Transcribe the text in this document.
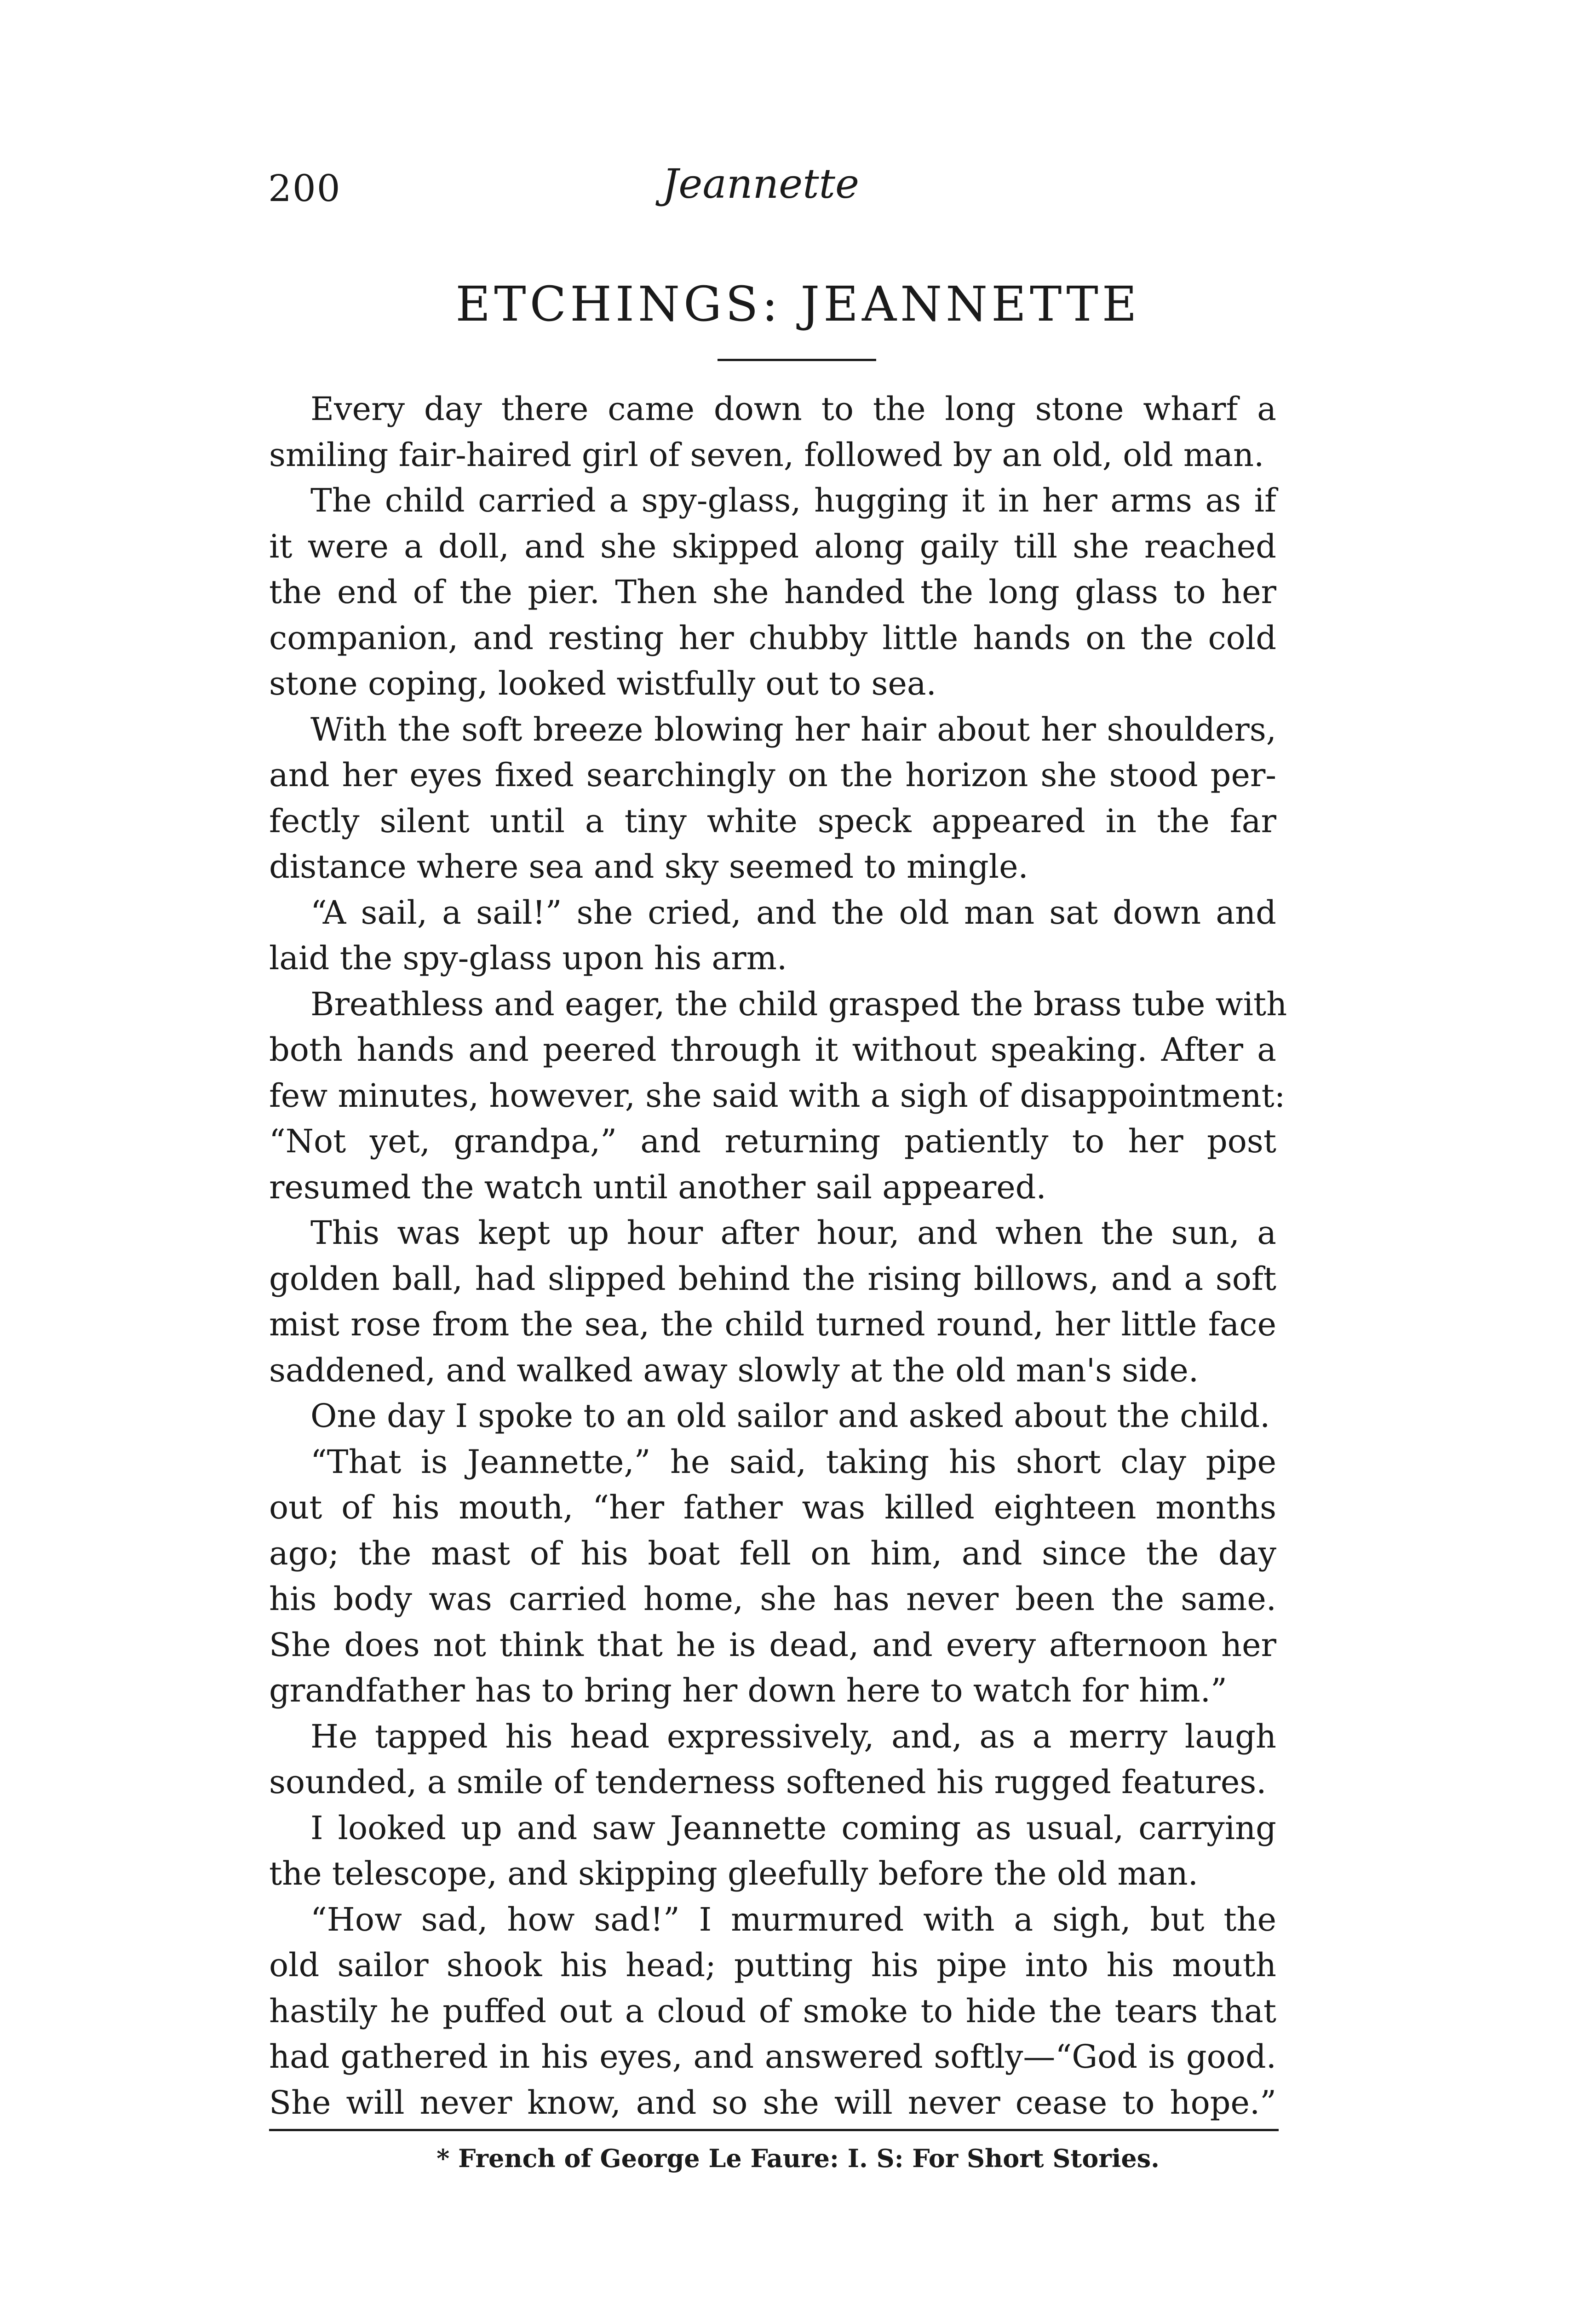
200	Jeannette
ETCHINGS: JEANNETTE
Every day there came down to the long stone wharf a
smiling fair-haired girl of seven, followed by an old, old man.
The child carried a spy-glass, hugging it in her arms as if
it were a doll, and she skipped along gaily till she reached
the end of the pier. Then she handed the long glass to her
companion, and resting her chubby little hands on the cold
stone coping, looked wistfully out to sea.
With the soft breeze blowing her hair about her shoulders,
and her eyes fixed searchingly on the horizon she stood per-
fectly silent until a tiny white speck appeared in the far
distance where sea and sky seemed to mingle.
“A sail, a sail!” she cried, and the old man sat down and
laid the spy-glass upon his arm.
Breathless and eager, the child grasped the brass tube with
both hands and peered through it without speaking. After a
few minutes, however, she said with a sigh of disappointment:
“Not yet, grandpa,” and returning patiently to her post
resumed the watch until another sail appeared.
This was kept up hour after hour, and when the sun, a
golden ball, had slipped behind the rising billows, and a soft
mist rose from the sea, the child turned round, her little face
saddened, and walked away slowly at the old man's side.
One day I spoke to an old sailor and asked about the child.
“That is Jeannette,” he said, taking his short clay pipe
out of his mouth, “her father was killed eighteen months
ago; the mast of his boat fell on him, and since the day
his body was carried home, she has never been the same.
She does not think that he is dead, and every afternoon her
grandfather has to bring her down here to watch for him.”
He tapped his head expressively, and, as a merry laugh
sounded, a smile of tenderness softened his rugged features.
I looked up and saw Jeannette coming as usual, carrying
the telescope, and skipping gleefully before the old man.
“How sad, how sad!” I murmured with a sigh, but the
old sailor shook his head; putting his pipe into his mouth
hastily he puffed out a cloud of smoke to hide the tears that
had gathered in his eyes, and answered softly—“God is good.
She will never know, and so she will never cease to hope.”
* French of George Le Faure: I. S: For Short Stories.
